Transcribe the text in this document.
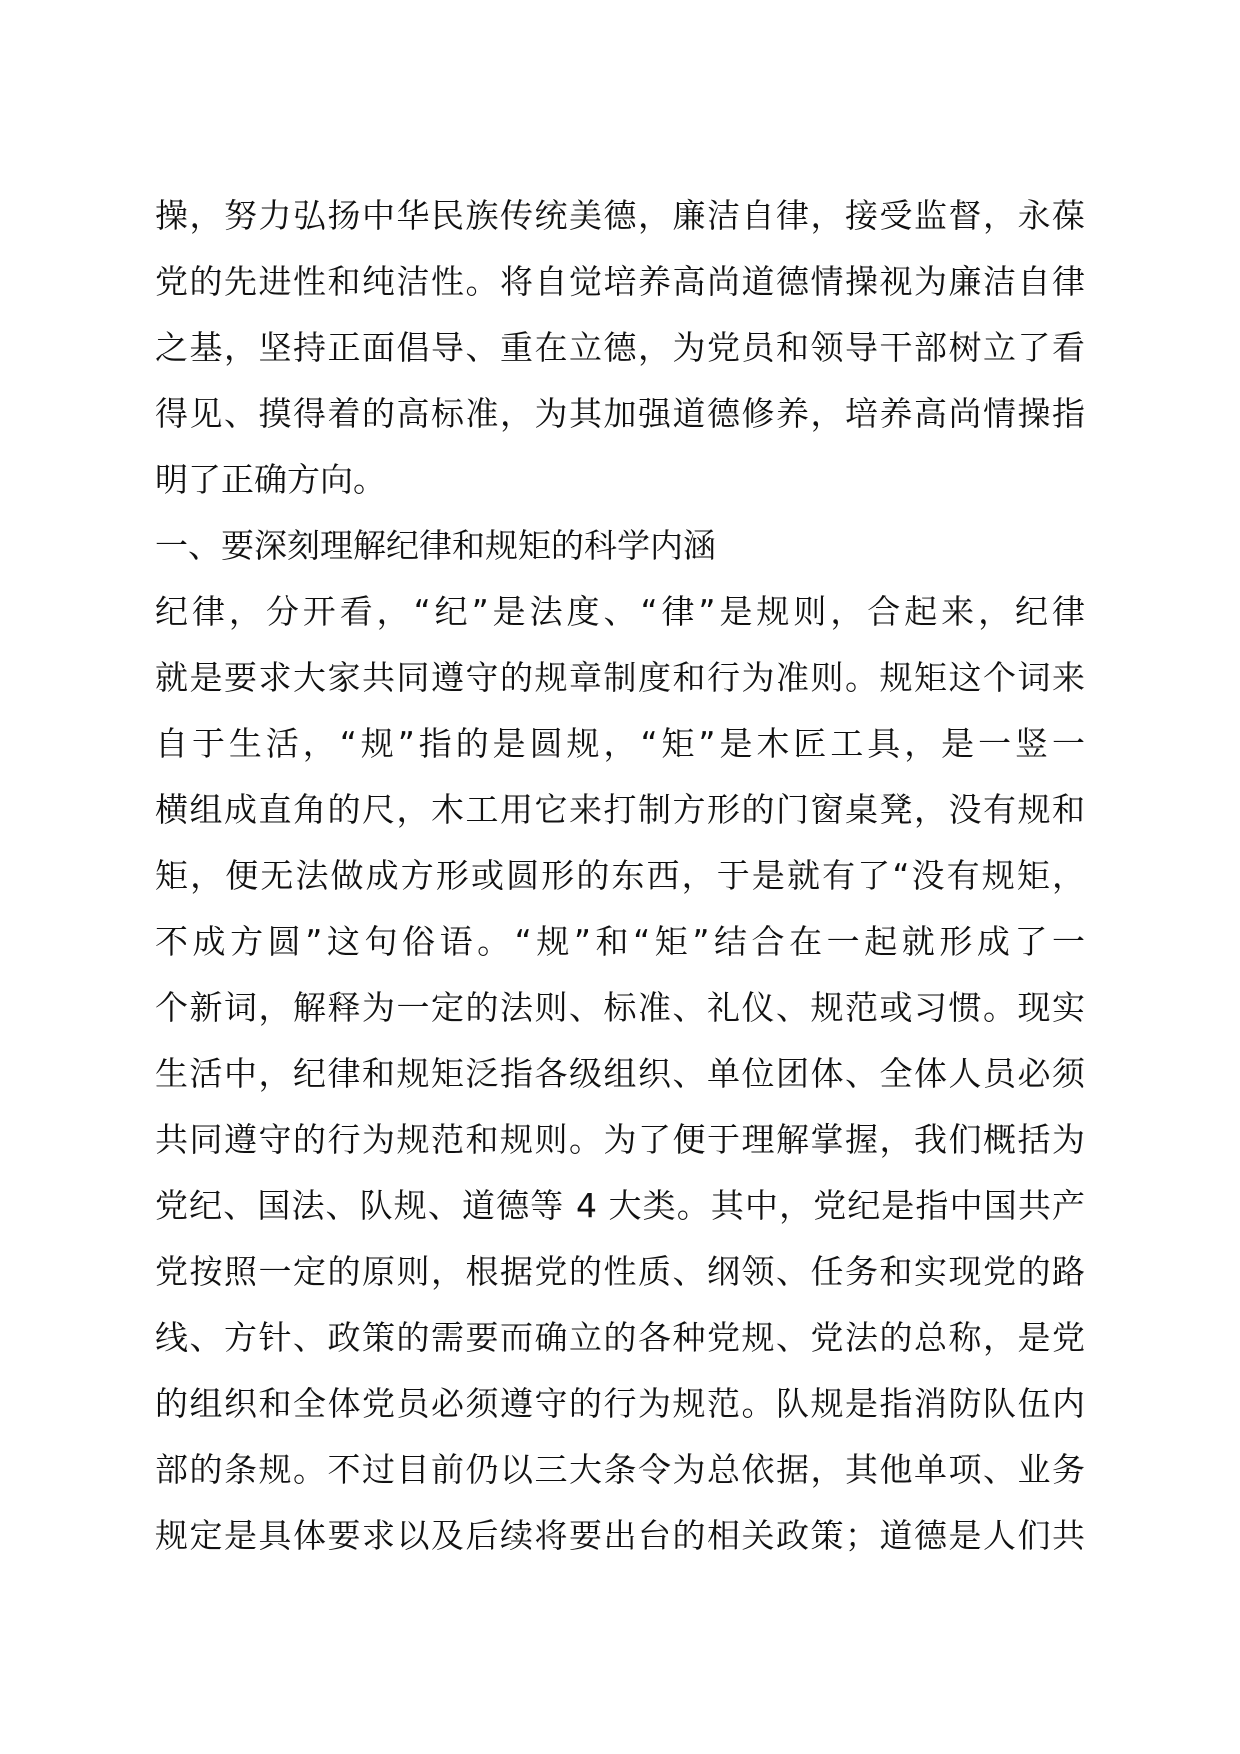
操，努力弘扬中华民族传统美德，廉洁自律，接受监督，永葆
党的先进性和纯洁性。将自觉培养高尚道德情操视为廉洁自律
之基，坚持正面倡导、重在立德，为党员和领导干部树立了看
得见、摸得着的高标准，为其加强道德修养，培养高尚情操指
明了正确方向。
一、要深刻理解纪律和规矩的科学内涵
纪律，分开看，“纪”是法度、“律”是规则，合起来，纪律
就是要求大家共同遵守的规章制度和行为准则。规矩这个词来
自于生活，“规”指的是圆规，“矩”是木匠工具，是一竖一
横组成直角的尺，木工用它来打制方形的门窗桌凳，没有规和
矩，便无法做成方形或圆形的东西，于是就有了“没有规矩，
不成方圆”这句俗语。“规”和“矩”结合在一起就形成了一
个新词，解释为一定的法则、标准、礼仪、规范或习惯。现实
生活中，纪律和规矩泛指各级组织、单位团体、全体人员必须
共同遵守的行为规范和规则。为了便于理解掌握，我们概括为
党纪、国法、队规、道德等 4 大类。其中，党纪是指中国共产
党按照一定的原则，根据党的性质、纲领、任务和实现党的路
线、方针、政策的需要而确立的各种党规、党法的总称，是党
的组织和全体党员必须遵守的行为规范。队规是指消防队伍内
部的条规。不过目前仍以三大条令为总依据，其他单项、业务
规定是具体要求以及后续将要出台的相关政策；道德是人们共
